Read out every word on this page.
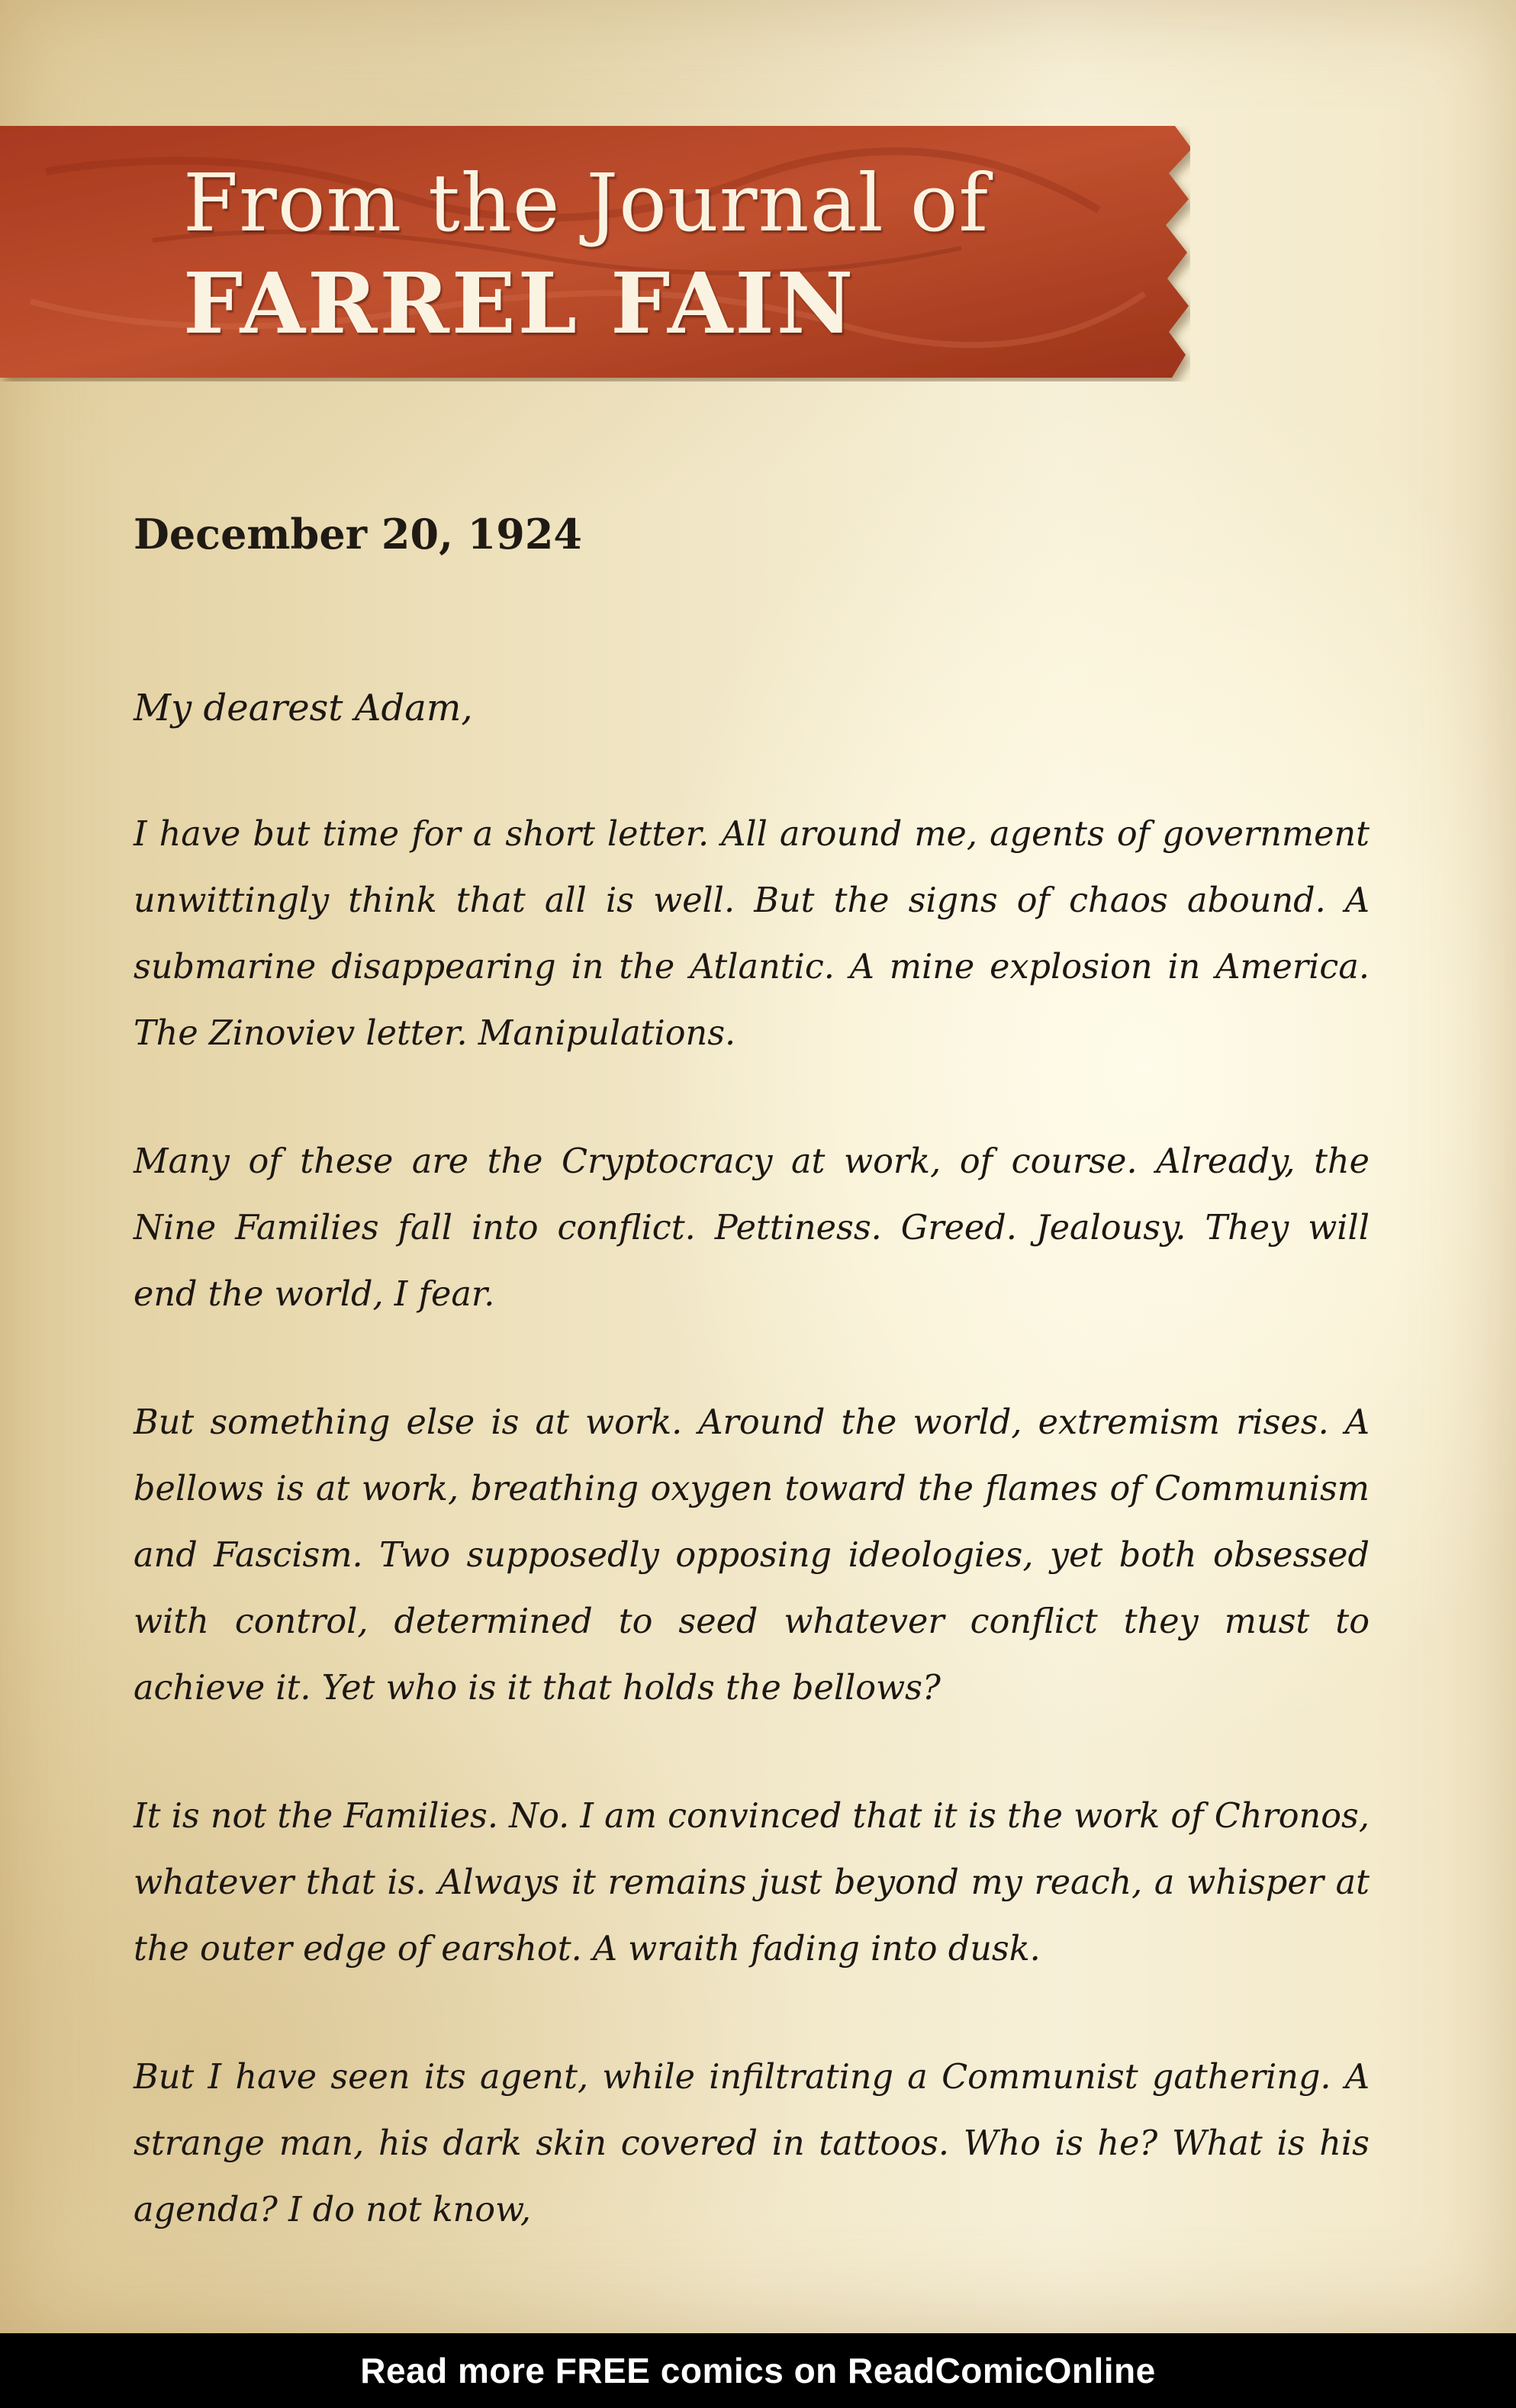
From the Journal of
FARREL FAIN
December 20, 1924

My dearest Adam,

I have but time for a short letter. All around me, agents of government unwittingly think that all is well. But the signs of chaos abound. A submarine disappearing in the Atlantic. A mine explosion in America. The Zinoviev letter. Manipulations.

Many of these are the Cryptocracy at work, of course. Already, the Nine Families fall into conflict. Pettiness. Greed. Jealousy. They will end the world, I fear.

But something else is at work. Around the world, extremism rises. A bellows is at work, breathing oxygen toward the flames of Communism and Fascism. Two supposedly opposing ideologies, yet both obsessed with control, determined to seed whatever conflict they must to achieve it. Yet who is it that holds the bellows?

It is not the Families. No. I am convinced that it is the work of Chronos, whatever that is. Always it remains just beyond my reach, a whisper at the outer edge of earshot. A wraith fading into dusk.

But I have seen its agent, while infiltrating a Communist gathering. A strange man, his dark skin covered in tattoos. Who is he? What is his agenda? I do not know,

Read more FREE comics on ReadComicOnline
